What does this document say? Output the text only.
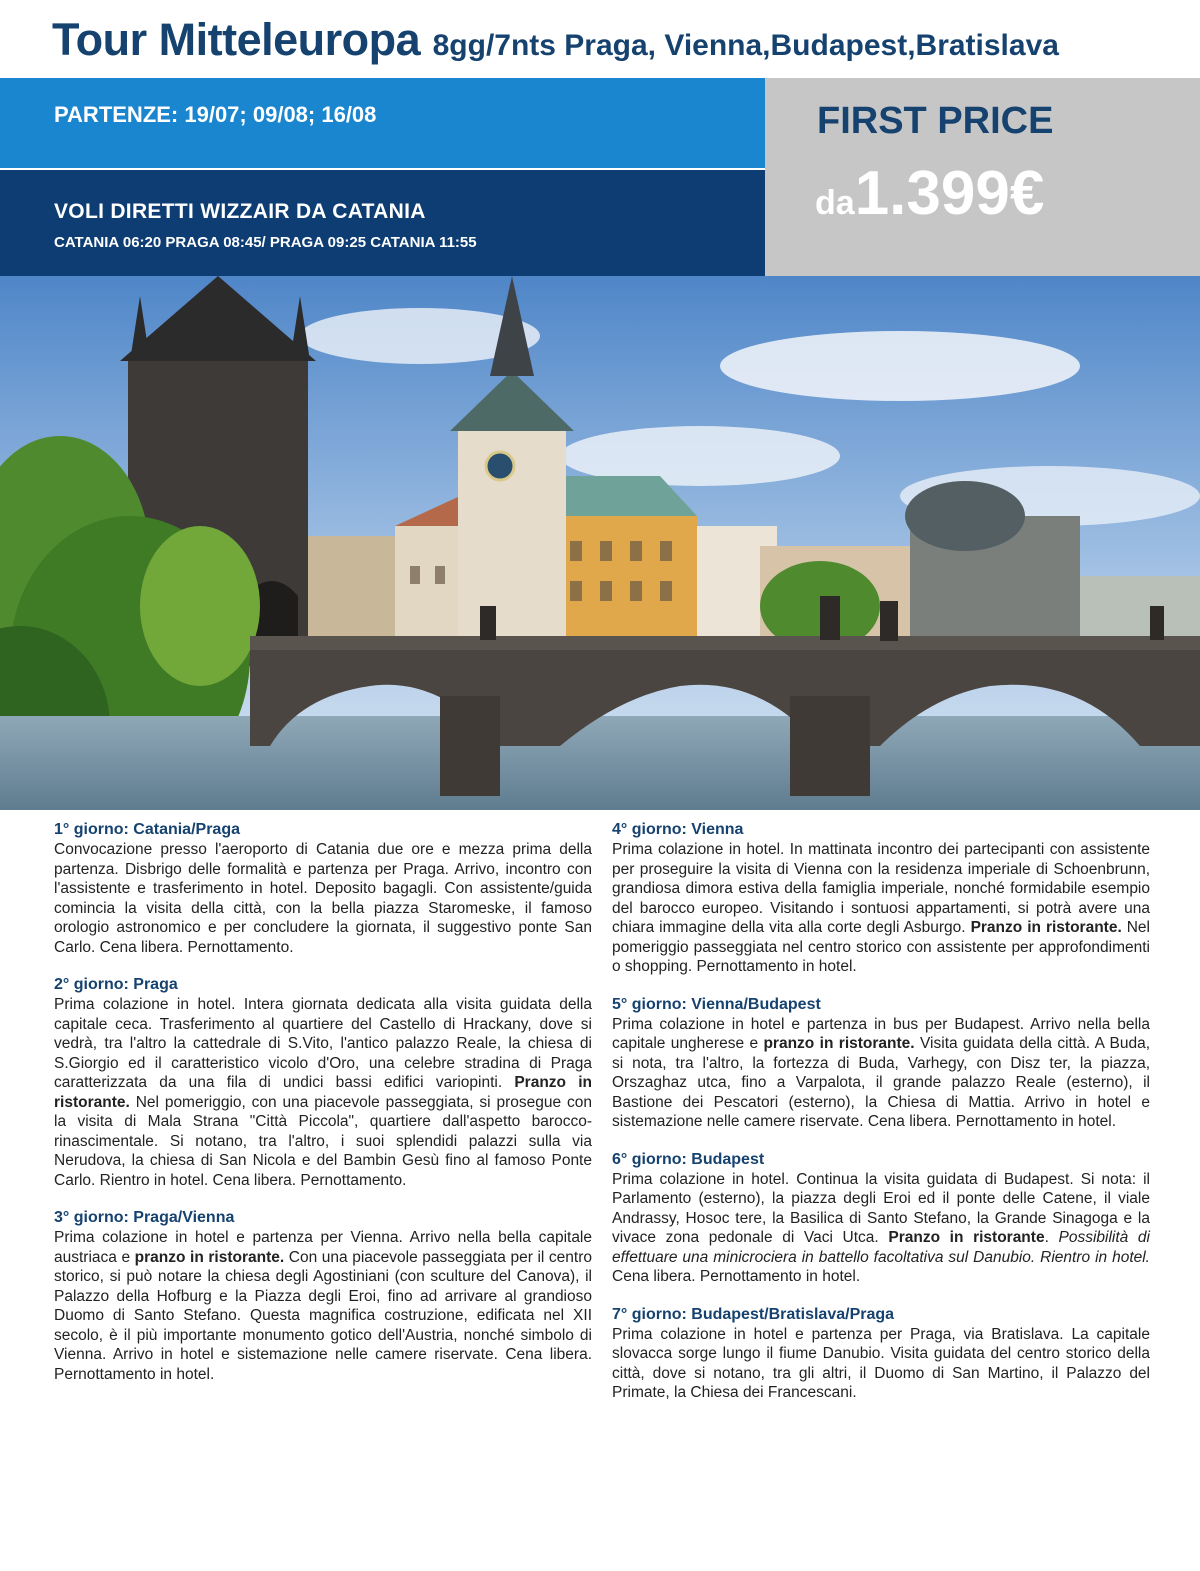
Tour Mitteleuropa 8gg/7nts Praga, Vienna,Budapest,Bratislava
PARTENZE: 19/07; 09/08; 16/08
VOLI DIRETTI WIZZAIR DA CATANIA
CATANIA 06:20 PRAGA 08:45/ PRAGA 09:25 CATANIA 11:55
FIRST PRICE
da1.399€
1° giorno: Catania/Praga

Convocazione presso l'aeroporto di Catania due ore e mezza prima della partenza. Disbrigo delle formalità e partenza per Praga. Arrivo, incontro con l'assistente e trasferimento in hotel. Deposito bagagli. Con assistente/guida comincia la visita della città, con la bella piazza Staromeske, il famoso orologio astronomico e per concludere la giornata, il suggestivo ponte San Carlo. Cena libera. Pernottamento.

2° giorno: Praga

Prima colazione in hotel. Intera giornata dedicata alla visita guidata della capitale ceca. Trasferimento al quartiere del Castello di Hrackany, dove si vedrà, tra l'altro la cattedrale di S.Vito, l'antico palazzo Reale, la chiesa di S.Giorgio ed il caratteristico vicolo d'Oro, una celebre stradina di Praga caratterizzata da una fila di undici bassi edifici variopinti. Pranzo in ristorante. Nel pomeriggio, con una piacevole passeggiata, si prosegue con la visita di Mala Strana "Città Piccola", quartiere dall'aspetto barocco-rinascimentale. Si notano, tra l'altro, i suoi splendidi palazzi sulla via Nerudova, la chiesa di San Nicola e del Bambin Gesù fino al famoso Ponte Carlo. Rientro in hotel. Cena libera. Pernottamento.

3° giorno: Praga/Vienna

Prima colazione in hotel e partenza per Vienna. Arrivo nella bella capitale austriaca e pranzo in ristorante. Con una piacevole passeggiata per il centro storico, si può notare la chiesa degli Agostiniani (con sculture del Canova), il Palazzo della Hofburg e la Piazza degli Eroi, fino ad arrivare al grandioso Duomo di Santo Stefano. Questa magnifica costruzione, edificata nel XII secolo, è il più importante monumento gotico dell'Austria, nonché simbolo di Vienna. Arrivo in hotel e sistemazione nelle camere riservate. Cena libera. Pernottamento in hotel.

4° giorno: Vienna

Prima colazione in hotel. In mattinata incontro dei partecipanti con assistente per proseguire la visita di Vienna con la residenza imperiale di Schoenbrunn, grandiosa dimora estiva della famiglia imperiale, nonché formidabile esempio del barocco europeo. Visitando i sontuosi appartamenti, si potrà avere una chiara immagine della vita alla corte degli Asburgo. Pranzo in ristorante. Nel pomeriggio passeggiata nel centro storico con assistente per approfondimenti o shopping. Pernottamento in hotel.

5° giorno: Vienna/Budapest

Prima colazione in hotel e partenza in bus per Budapest. Arrivo nella bella capitale ungherese e pranzo in ristorante. Visita guidata della città. A Buda, si nota, tra l'altro, la fortezza di Buda, Varhegy, con Disz ter, la piazza, Orszaghaz utca, fino a Varpalota, il grande palazzo Reale (esterno), il Bastione dei Pescatori (esterno), la Chiesa di Mattia. Arrivo in hotel e sistemazione nelle camere riservate. Cena libera. Pernottamento in hotel.

6° giorno: Budapest

Prima colazione in hotel. Continua la visita guidata di Budapest. Si nota: il Parlamento (esterno), la piazza degli Eroi ed il ponte delle Catene, il viale Andrassy, Hosoc tere, la Basilica di Santo Stefano, la Grande Sinagoga e la vivace zona pedonale di Vaci Utca. Pranzo in ristorante. Possibilità di effettuare una minicrociera in battello facoltativa sul Danubio. Rientro in hotel. Cena libera. Pernottamento in hotel.

7° giorno: Budapest/Bratislava/Praga

Prima colazione in hotel e partenza per Praga, via Bratislava. La capitale slovacca sorge lungo il fiume Danubio. Visita guidata del centro storico della città, dove si notano, tra gli altri, il Duomo di San Martino, il Palazzo del Primate, la Chiesa dei Francescani.
